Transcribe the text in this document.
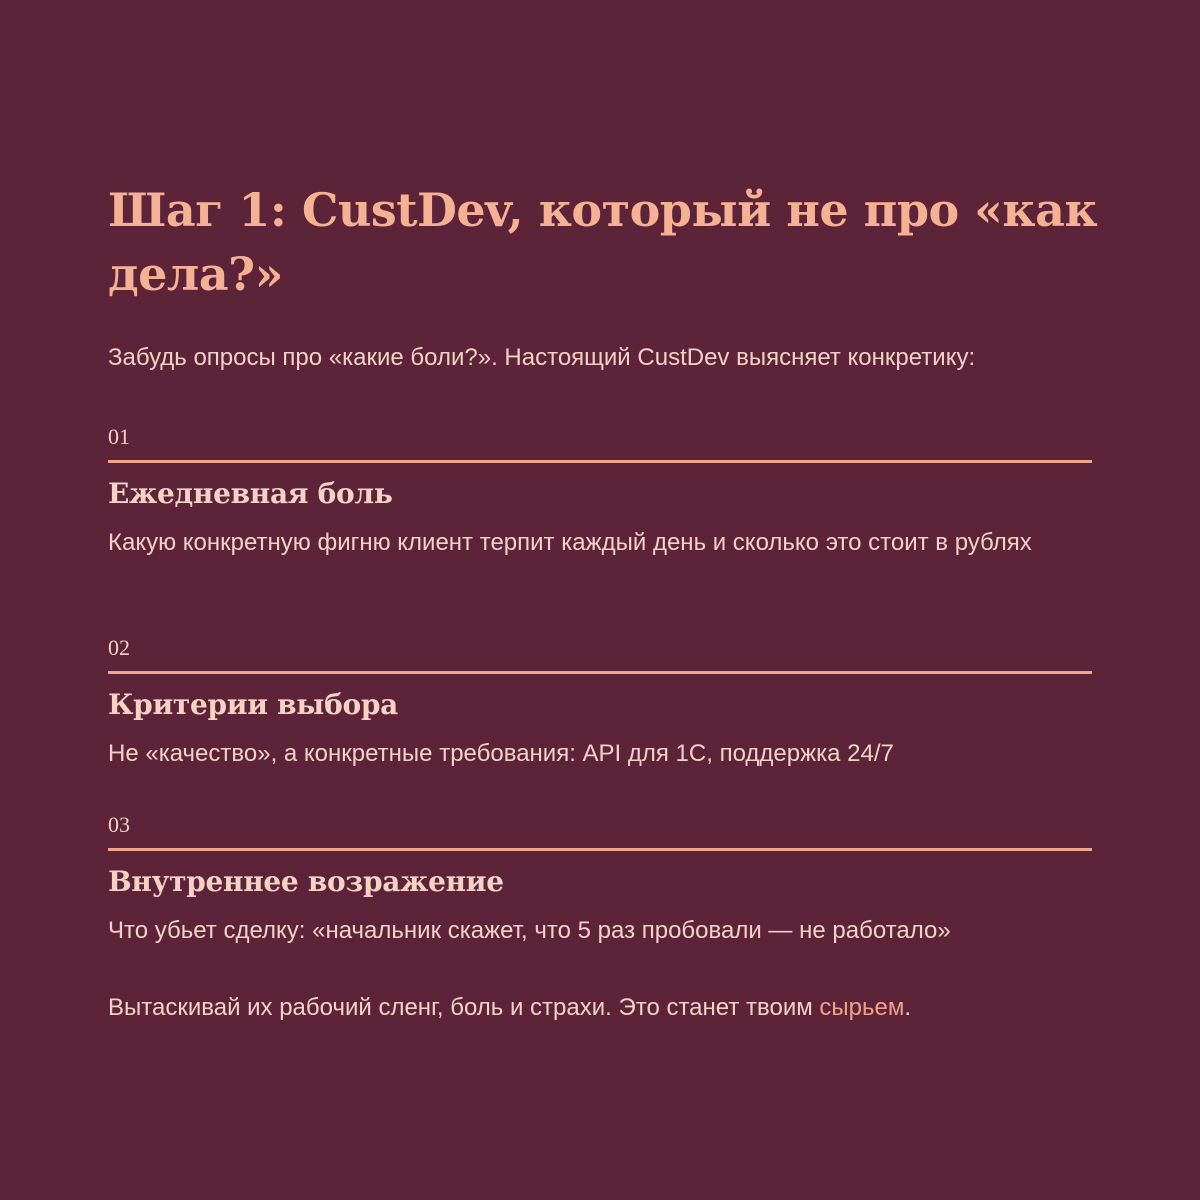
Шаг 1: CustDev, который не про «как дела?»

Забудь опросы про «какие боли?». Настоящий CustDev выясняет конкретику:

01
Ежедневная боль

Какую конкретную фигню клиент терпит каждый день и сколько это стоит в рублях

02
Критерии выбора

Не «качество», а конкретные требования: API для 1С, поддержка 24/7

03
Внутреннее возражение

Что убьет сделку: «начальник скажет, что 5 раз пробовали — не работало»

Вытаскивай их рабочий сленг, боль и страхи. Это станет твоим сырьем.
